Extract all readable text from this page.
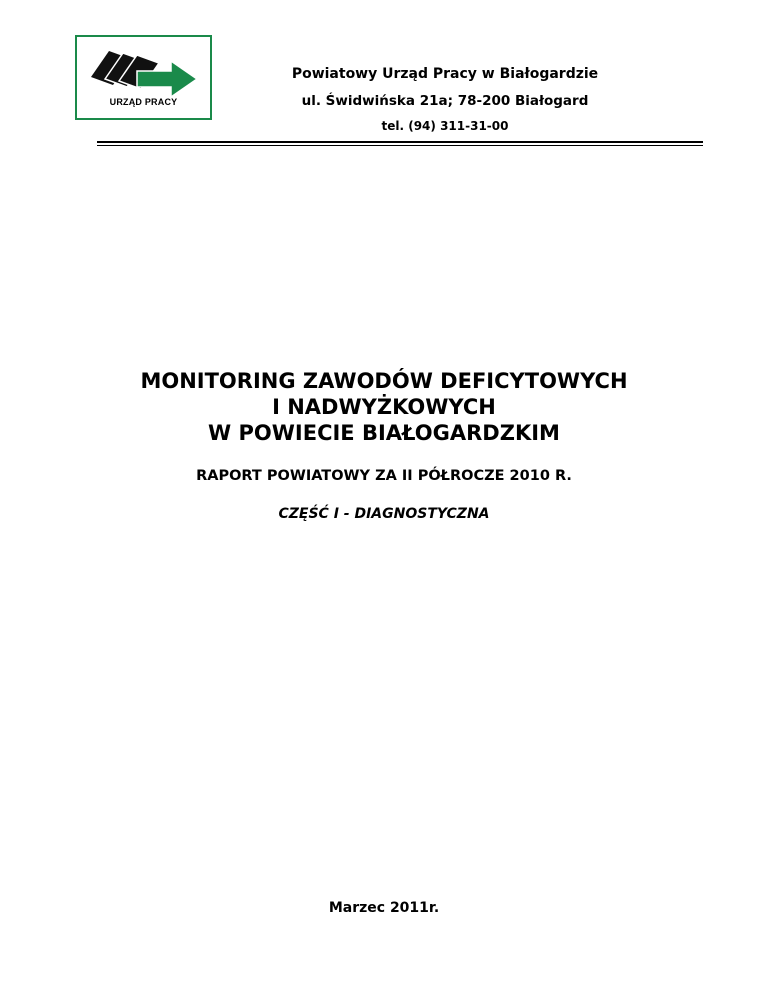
URZĄD PRACY
Powiatowy Urząd Pracy w Białogardzie
ul. Świdwińska 21a; 78-200 Białogard
tel. (94) 311-31-00
MONITORING ZAWODÓW DEFICYTOWYCH
I NADWYŻKOWYCH
W POWIECIE BIAŁOGARDZKIM
RAPORT POWIATOWY ZA II PÓŁROCZE 2010 R.
CZĘŚĆ I - DIAGNOSTYCZNA
Marzec 2011r.
